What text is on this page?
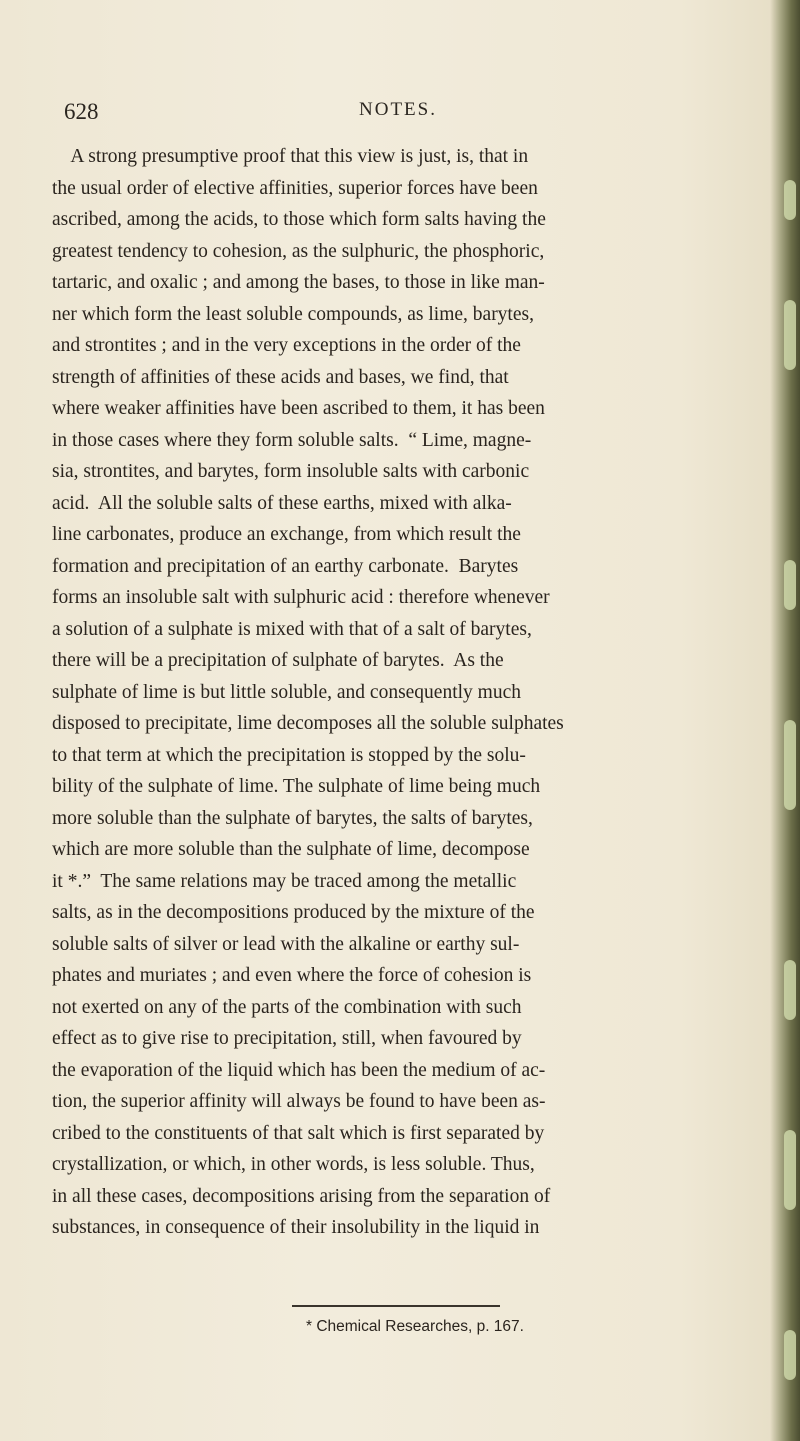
628	NOTES.
A strong presumptive proof that this view is just, is, that in
the usual order of elective affinities, superior forces have been
ascribed, among the acids, to those which form salts having the
greatest tendency to cohesion, as the sulphuric, the phosphoric,
tartaric, and oxalic ; and among the bases, to those in like man-
ner which form the least soluble compounds, as lime, barytes,
and strontites ; and in the very exceptions in the order of the
strength of affinities of these acids and bases, we find, that
where weaker affinities have been ascribed to them, it has been
in those cases where they form soluble salts.  “ Lime, magne-
sia, strontites, and barytes, form insoluble salts with carbonic
acid.  All the soluble salts of these earths, mixed with alka-
line carbonates, produce an exchange, from which result the
formation and precipitation of an earthy carbonate.  Barytes
forms an insoluble salt with sulphuric acid : therefore whenever
a solution of a sulphate is mixed with that of a salt of barytes,
there will be a precipitation of sulphate of barytes.  As the
sulphate of lime is but little soluble, and consequently much
disposed to precipitate, lime decomposes all the soluble sulphates
to that term at which the precipitation is stopped by the solu-
bility of the sulphate of lime. The sulphate of lime being much
more soluble than the sulphate of barytes, the salts of barytes,
which are more soluble than the sulphate of lime, decompose
it *.”  The same relations may be traced among the metallic
salts, as in the decompositions produced by the mixture of the
soluble salts of silver or lead with the alkaline or earthy sul-
phates and muriates ; and even where the force of cohesion is
not exerted on any of the parts of the combination with such
effect as to give rise to precipitation, still, when favoured by
the evaporation of the liquid which has been the medium of ac-
tion, the superior affinity will always be found to have been as-
cribed to the constituents of that salt which is first separated by
crystallization, or which, in other words, is less soluble. Thus,
in all these cases, decompositions arising from the separation of
substances, in consequence of their insolubility in the liquid in
* Chemical Researches, p. 167.
